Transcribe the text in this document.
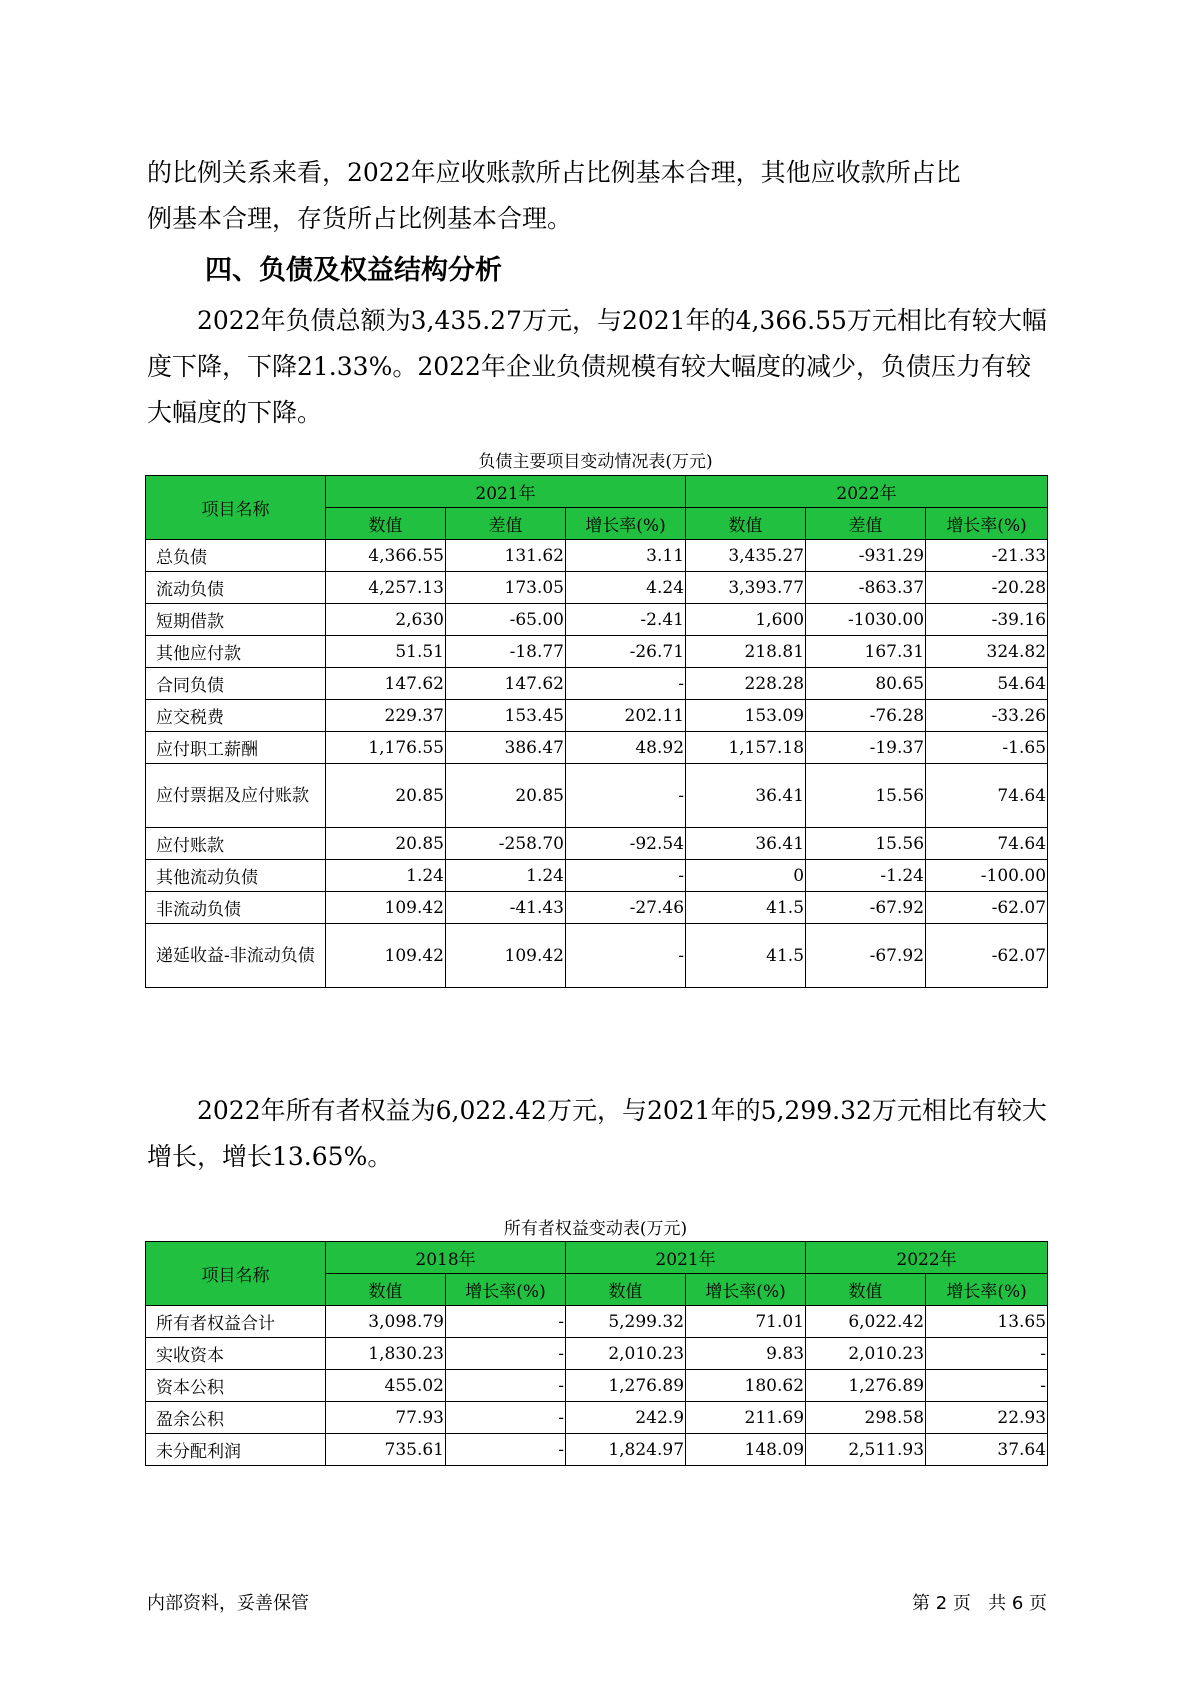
的比例关系来看，2022年应收账款所占比例基本合理，其他应收款所占比

例基本合理，存货所占比例基本合理。

四、负债及权益结构分析

2022年负债总额为3,435.27万元，与2021年的4,366.55万元相比有较大幅度下降，下降21.33%。2022年企业负债规模有较大幅度的减少，负债压力有较大幅度的下降。

负债主要项目变动情况表(万元)
项目名称	2021年			2022年		
	数值	差值	增长率(%)	数值	差值	增长率(%)
总负债	4,366.55	131.62	3.11	3,435.27	-931.29	-21.33
流动负债	4,257.13	173.05	4.24	3,393.77	-863.37	-20.28
短期借款	2,630	-65.00	-2.41	1,600	-1030.00	-39.16
其他应付款	51.51	-18.77	-26.71	218.81	167.31	324.82
合同负债	147.62	147.62	-	228.28	80.65	54.64
应交税费	229.37	153.45	202.11	153.09	-76.28	-33.26
应付职工薪酬	1,176.55	386.47	48.92	1,157.18	-19.37	-1.65
应付票据及应付账款	20.85	20.85	-	36.41	15.56	74.64
应付账款	20.85	-258.70	-92.54	36.41	15.56	74.64
其他流动负债	1.24	1.24	-	0	-1.24	-100.00
非流动负债	109.42	-41.43	-27.46	41.5	-67.92	-62.07
递延收益-非流动负债	109.42	109.42	-	41.5	-67.92	-62.07

2022年所有者权益为6,022.42万元，与2021年的5,299.32万元相比有较大增长，增长13.65%。

所有者权益变动表(万元)
项目名称	2018年		2021年		2022年	
	数值	增长率(%)	数值	增长率(%)	数值	增长率(%)
所有者权益合计	3,098.79	-	5,299.32	71.01	6,022.42	13.65
实收资本	1,830.23	-	2,010.23	9.83	2,010.23	-
资本公积	455.02	-	1,276.89	180.62	1,276.89	-
盈余公积	77.93	-	242.9	211.69	298.58	22.93
未分配利润	735.61	-	1,824.97	148.09	2,511.93	37.64
内部资料，妥善保管	第 2 页   共 6 页
